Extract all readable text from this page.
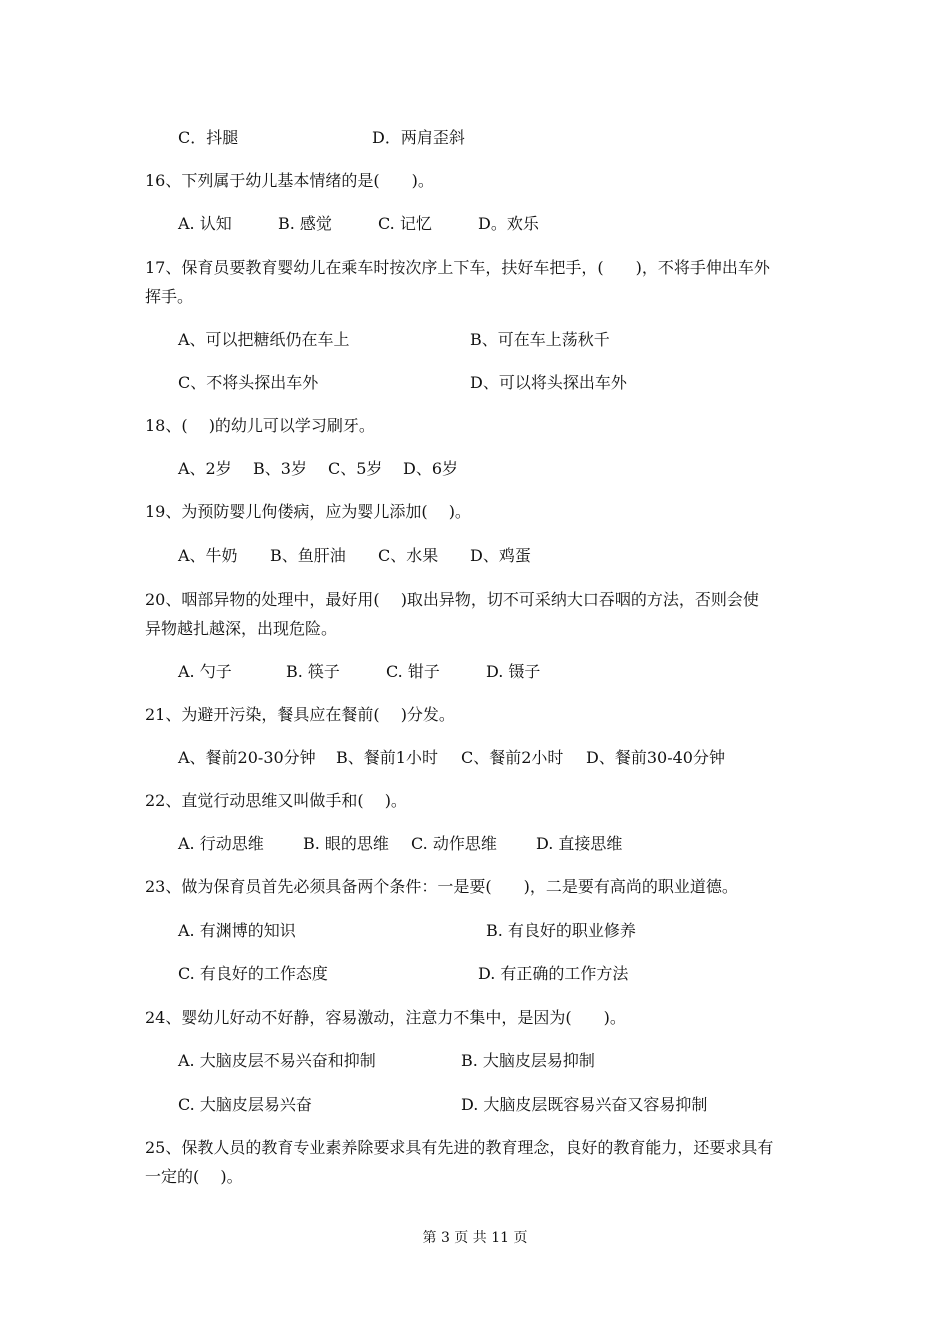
C．抖腿	D．两肩歪斜
16、下列属于幼儿基本情绪的是(　　)。
A. 认知	B. 感觉	C. 记忆	D。欢乐
17、保育员要教育婴幼儿在乘车时按次序上下车，扶好车把手，(　　)，不将手伸出车外
挥手。
A、可以把糖纸仍在车上	B、可在车上荡秋千
C、不将头探出车外	D、可以将头探出车外
18、(　 )的幼儿可以学习刷牙。
A、2岁 B、3岁 C、5岁 D、6岁
19、为预防婴儿佝偻病，应为婴儿添加(　 )。
A、牛奶 B、鱼肝油 C、水果 D、鸡蛋
20、咽部异物的处理中，最好用(　 )取出异物，切不可采纳大口吞咽的方法，否则会使
异物越扎越深，出现危险。
A. 勺子	B. 筷子	C. 钳子	D. 镊子
21、为避开污染，餐具应在餐前(　 )分发。
A、餐前20-30分钟 B、餐前1小时 C、餐前2小时 D、餐前30-40分钟
22、直觉行动思维又叫做手和(　 )。
A. 行动思维 B. 眼的思维 C. 动作思维 D. 直接思维
23、做为保育员首先必须具备两个条件：一是要(　　)，二是要有高尚的职业道德。
A. 有渊博的知识	B. 有良好的职业修养
C. 有良好的工作态度	D. 有正确的工作方法
24、婴幼儿好动不好静，容易激动，注意力不集中，是因为(　　)。
A. 大脑皮层不易兴奋和抑制	B. 大脑皮层易抑制
C. 大脑皮层易兴奋	D. 大脑皮层既容易兴奋又容易抑制
25、保教人员的教育专业素养除要求具有先进的教育理念，良好的教育能力，还要求具有
一定的(　 )。
第 3 页 共 11 页
